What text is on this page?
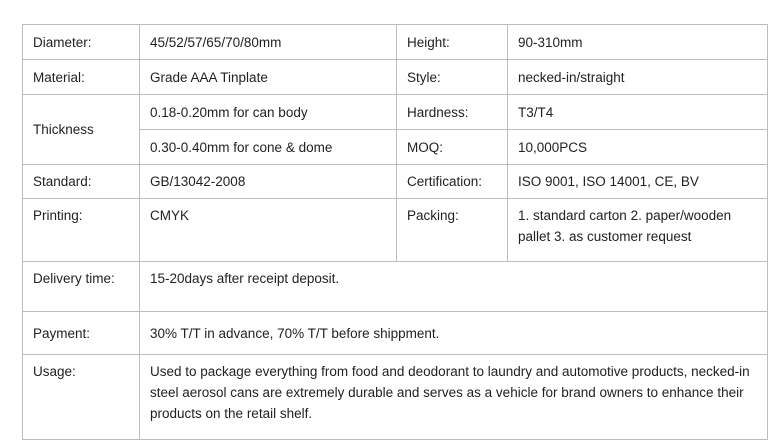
Diameter:	45/52/57/65/70/80mm	Height:	90-310mm
Material:	Grade AAA Tinplate	Style:	necked-in/straight
Thickness	0.18-0.20mm for can body	Hardness:	T3/T4
	0.30-0.40mm for cone & dome	MOQ:	10,000PCS
Standard:	GB/13042-2008	Certification:	ISO 9001, ISO 14001, CE, BV
Printing:	CMYK	Packing:	1. standard carton 2. paper/wooden pallet 3. as customer request
Delivery time:	15-20days after receipt deposit.		
Payment:	30% T/T in advance, 70% T/T before shippment.		
Usage:	Used to package everything from food and deodorant to laundry and automotive products, necked-in steel aerosol cans are extremely durable and serves as a vehicle for brand owners to enhance their products on the retail shelf.		
